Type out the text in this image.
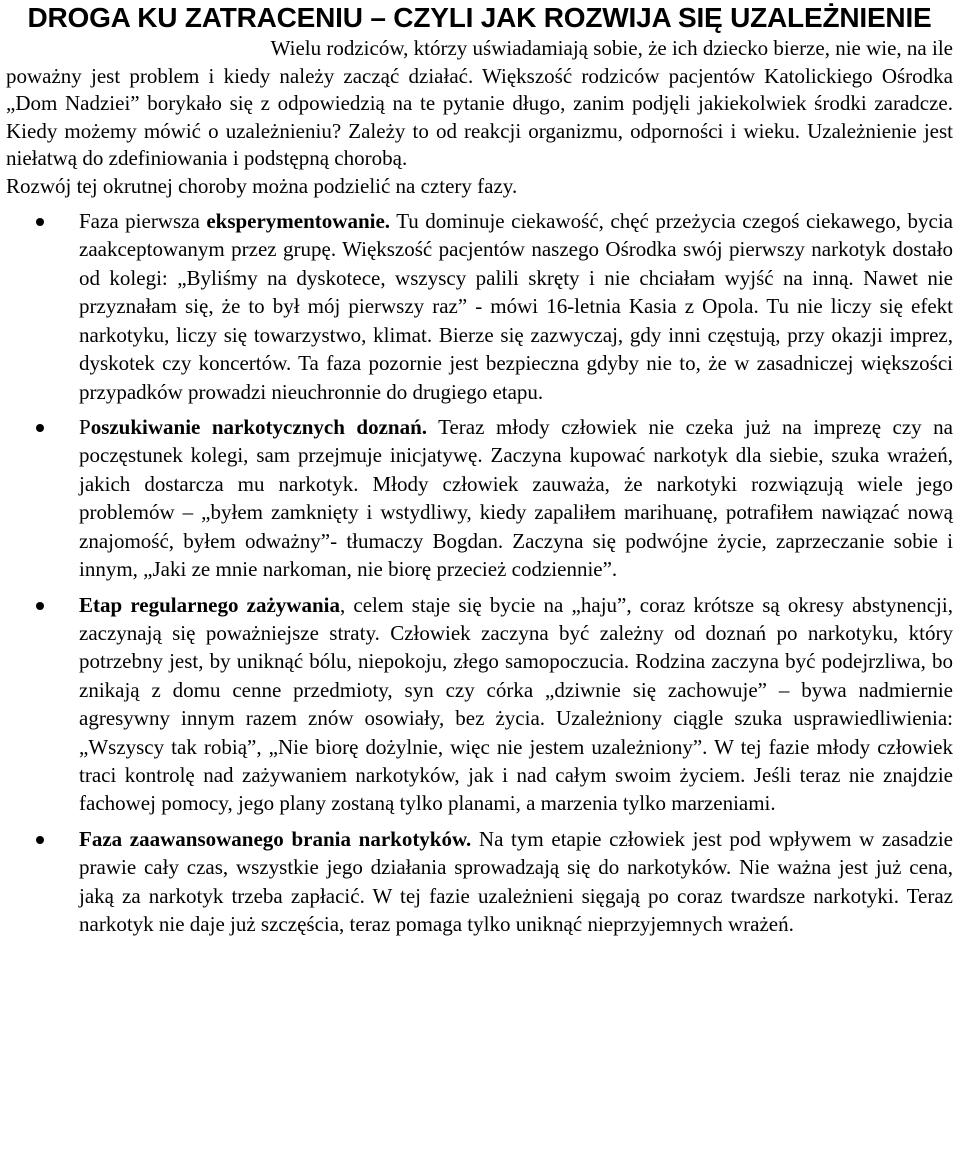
DROGA KU ZATRACENIU – CZYLI JAK ROZWIJA SIĘ UZALEŻNIENIE

Wielu rodziców, którzy uświadamiają sobie, że ich dziecko bierze, nie wie, na ile

poważny jest problem i kiedy należy zacząć działać. Większość rodziców pacjentów Katolickiego Ośrodka „Dom Nadziei” borykało się z odpowiedzią na te pytanie długo, zanim podjęli jakiekolwiek środki zaradcze. Kiedy możemy mówić o uzależnieniu? Zależy to od reakcji organizmu, odporności i wieku. Uzależnienie jest niełatwą do zdefiniowania i podstępną chorobą.

Rozwój tej okrutnej choroby można podzielić na cztery fazy.

Faza pierwsza eksperymentowanie. Tu dominuje ciekawość, chęć przeżycia czegoś ciekawego, bycia zaakceptowanym przez grupę. Większość pacjentów naszego Ośrodka swój pierwszy narkotyk dostało od kolegi: „Byliśmy na dyskotece, wszyscy palili skręty i nie chciałam wyjść na inną. Nawet nie przyznałam się, że to był mój pierwszy raz” - mówi 16-letnia Kasia z Opola. Tu nie liczy się efekt narkotyku, liczy się towarzystwo, klimat. Bierze się zazwyczaj, gdy inni częstują, przy okazji imprez, dyskotek czy koncertów. Ta faza pozornie jest bezpieczna gdyby nie to, że w zasadniczej większości przypadków prowadzi nieuchronnie do drugiego etapu.
Poszukiwanie narkotycznych doznań. Teraz młody człowiek nie czeka już na imprezę czy na poczęstunek kolegi, sam przejmuje inicjatywę. Zaczyna kupować narkotyk dla siebie, szuka wrażeń, jakich dostarcza mu narkotyk. Młody człowiek zauważa, że narkotyki rozwiązują wiele jego problemów – „byłem zamknięty i wstydliwy, kiedy zapaliłem marihuanę, potrafiłem nawiązać nową znajomość, byłem odważny”- tłumaczy Bogdan. Zaczyna się podwójne życie, zaprzeczanie sobie i innym, „Jaki ze mnie narkoman, nie biorę przecież codziennie”.
Etap regularnego zażywania, celem staje się bycie na „haju”, coraz krótsze są okresy abstynencji, zaczynają się poważniejsze straty. Człowiek zaczyna być zależny od doznań po narkotyku, który potrzebny jest, by uniknąć bólu, niepokoju, złego samopoczucia. Rodzina zaczyna być podejrzliwa, bo znikają z domu cenne przedmioty, syn czy córka „dziwnie się zachowuje” – bywa nadmiernie agresywny innym razem znów osowiały, bez życia. Uzależniony ciągle szuka usprawiedliwienia: „Wszyscy tak robią”, „Nie biorę dożylnie, więc nie jestem uzależniony”. W tej fazie młody człowiek traci kontrolę nad zażywaniem narkotyków, jak i nad całym swoim życiem. Jeśli teraz nie znajdzie fachowej pomocy, jego plany zostaną tylko planami, a marzenia tylko marzeniami.
Faza zaawansowanego brania narkotyków. Na tym etapie człowiek jest pod wpływem w zasadzie prawie cały czas, wszystkie jego działania sprowadzają się do narkotyków. Nie ważna jest już cena, jaką za narkotyk trzeba zapłacić. W tej fazie uzależnieni sięgają po coraz twardsze narkotyki. Teraz narkotyk nie daje już szczęścia, teraz pomaga tylko uniknąć nieprzyjemnych wrażeń.
